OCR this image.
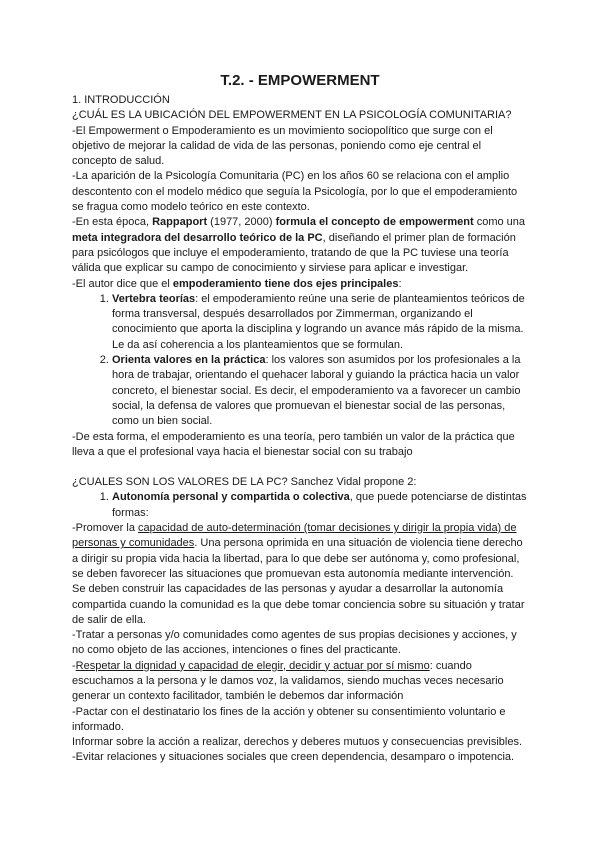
T.2. - EMPOWERMENT

1. INTRODUCCIÓN

¿CUÁL ES LA UBICACIÓN DEL EMPOWERMENT EN LA PSICOLOGÍA COMUNITARIA?

-El Empowerment o Empoderamiento es un movimiento sociopolítico que surge con el objetivo de mejorar la calidad de vida de las personas, poniendo como eje central el concepto de salud.

-La aparición de la Psicología Comunitaria (PC) en los años 60 se relaciona con el amplio descontento con el modelo médico que seguía la Psicología, por lo que el empoderamiento se fragua como modelo teórico en este contexto.

-En esta época, Rappaport (1977, 2000) formula el concepto de empowerment como una meta integradora del desarrollo teórico de la PC, diseñando el primer plan de formación para psicólogos que incluye el empoderamiento, tratando de que la PC tuviese una teoría válida que explicar su campo de conocimiento y sirviese para aplicar e investigar.

-El autor dice que el empoderamiento tiene dos ejes principales:

1. Vertebra teorías: el empoderamiento reúne una serie de planteamientos teóricos de forma transversal, después desarrollados por Zimmerman, organizando el conocimiento que aporta la disciplina y logrando un avance más rápido de la misma. Le da así coherencia a los planteamientos que se formulan.
2. Orienta valores en la práctica: los valores son asumidos por los profesionales a la hora de trabajar, orientando el quehacer laboral y guiando la práctica hacia un valor concreto, el bienestar social. Es decir, el empoderamiento va a favorecer un cambio social, la defensa de valores que promuevan el bienestar social de las personas, como un bien social.

-De esta forma, el empoderamiento es una teoría, pero también un valor de la práctica que lleva a que el profesional vaya hacia el bienestar social con su trabajo

¿CUALES SON LOS VALORES DE LA PC? Sanchez Vidal propone 2:

1. Autonomía personal y compartida o colectiva, que puede potenciarse de distintas formas:

-Promover la capacidad de auto-determinación (tomar decisiones y dirigir la propia vida) de personas y comunidades. Una persona oprimida en una situación de violencia tiene derecho a dirigir su propia vida hacia la libertad, para lo que debe ser autónoma y, como profesional, se deben favorecer las situaciones que promuevan esta autonomía mediante intervención. Se deben construir las capacidades de las personas y ayudar a desarrollar la autonomía compartida cuando la comunidad es la que debe tomar conciencia sobre su situación y tratar de salir de ella.

-Tratar a personas y/o comunidades como agentes de sus propias decisiones y acciones, y no como objeto de las acciones, intenciones o fines del practicante.

-Respetar la dignidad y capacidad de elegir, decidir y actuar por sí mismo: cuando escuchamos a la persona y le damos voz, la validamos, siendo muchas veces necesario generar un contexto facilitador, también le debemos dar información

-Pactar con el destinatario los fines de la acción y obtener su consentimiento voluntario e informado.

Informar sobre la acción a realizar, derechos y deberes mutuos y consecuencias previsibles.

-Evitar relaciones y situaciones sociales que creen dependencia, desamparo o impotencia.
